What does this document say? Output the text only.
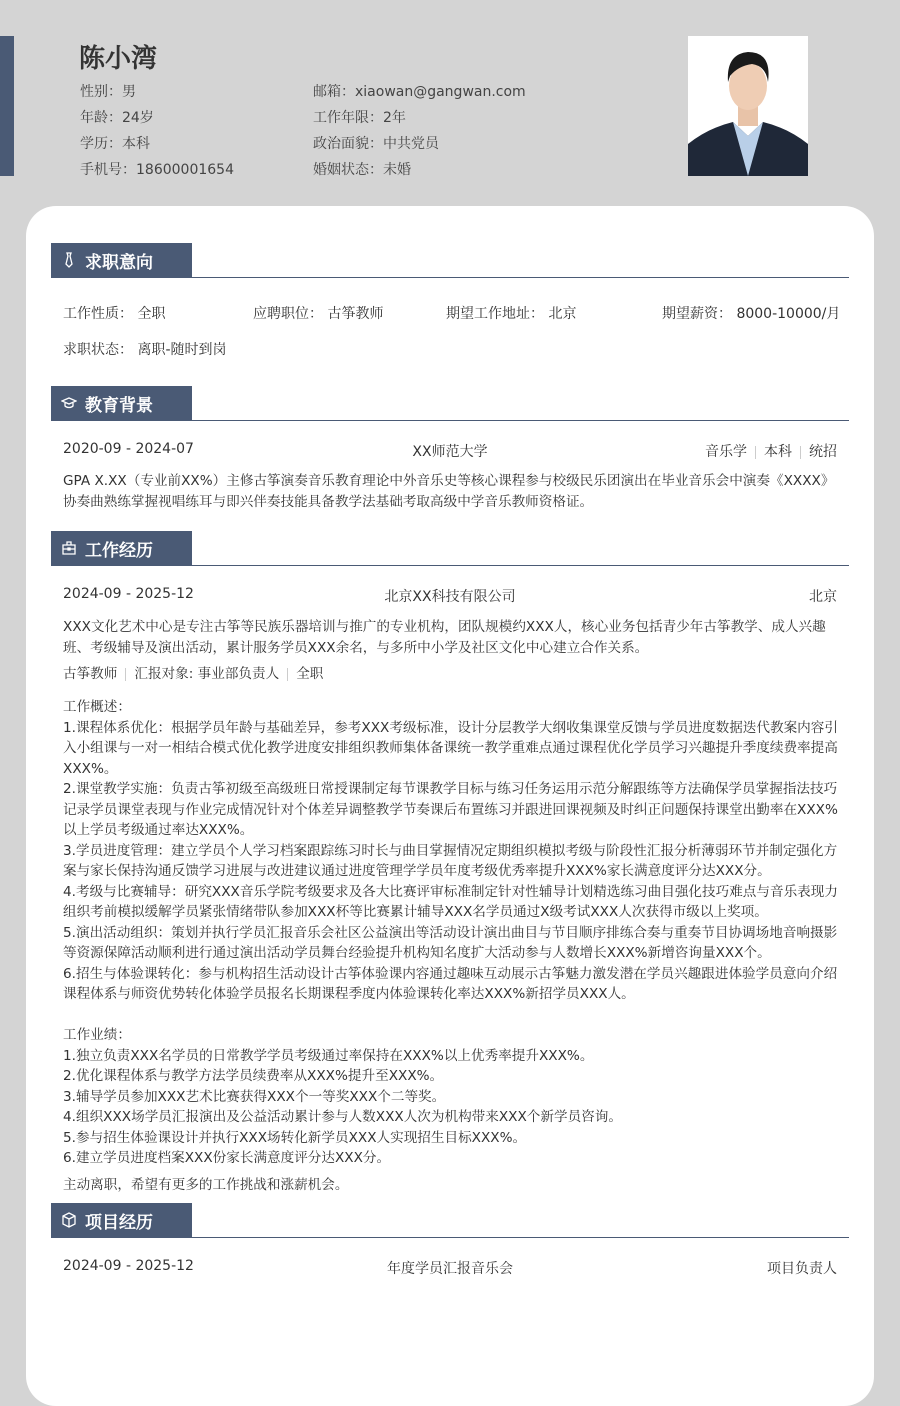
陈小湾
性别：男
年龄：24岁
学历：本科
手机号：18600001654
邮箱：xiaowan@gangwan.com
工作年限：2年
政治面貌：中共党员
婚姻状态：未婚
求职意向
工作性质： 全职	应聘职位： 古筝教师	期望工作地址： 北京	期望薪资： 8000-10000/月
求职状态： 离职-随时到岗
教育背景
2020-09 - 2024-07	XX师范大学	音乐学 本科 统招
GPA X.XX（专业前XX%）主修古筝演奏音乐教育理论中外音乐史等核心课程参与校级民乐团演出在毕业音乐会中演奏《XXXX》协奏曲熟练掌握视唱练耳与即兴伴奏技能具备教学法基础考取高级中学音乐教师资格证。
工作经历
2024-09 - 2025-12	北京XX科技有限公司	北京
XXX文化艺术中心是专注古筝等民族乐器培训与推广的专业机构，团队规模约XXX人，核心业务包括青少年古筝教学、成人兴趣班、考级辅导及演出活动，累计服务学员XXX余名，与多所中小学及社区文化中心建立合作关系。
古筝教师 汇报对象: 事业部负责人 全职
工作概述：
1.课程体系优化：根据学员年龄与基础差异，参考XXX考级标准，设计分层教学大纲收集课堂反馈与学员进度数据迭代教案内容引入小组课与一对一相结合模式优化教学进度安排组织教师集体备课统一教学重难点通过课程优化学员学习兴趣提升季度续费率提高XXX%。
2.课堂教学实施：负责古筝初级至高级班日常授课制定每节课教学目标与练习任务运用示范分解跟练等方法确保学员掌握指法技巧记录学员课堂表现与作业完成情况针对个体差异调整教学节奏课后布置练习并跟进回课视频及时纠正问题保持课堂出勤率在XXX%以上学员考级通过率达XXX%。
3.学员进度管理：建立学员个人学习档案跟踪练习时长与曲目掌握情况定期组织模拟考级与阶段性汇报分析薄弱环节并制定强化方案与家长保持沟通反馈学习进展与改进建议通过进度管理学学员年度考级优秀率提升XXX%家长满意度评分达XXX分。
4.考级与比赛辅导：研究XXX音乐学院考级要求及各大比赛评审标准制定针对性辅导计划精选练习曲目强化技巧难点与音乐表现力组织考前模拟缓解学员紧张情绪带队参加XXX杯等比赛累计辅导XXX名学员通过X级考试XXX人次获得市级以上奖项。
5.演出活动组织：策划并执行学员汇报音乐会社区公益演出等活动设计演出曲目与节目顺序排练合奏与重奏节目协调场地音响摄影等资源保障活动顺利进行通过演出活动学员舞台经验提升机构知名度扩大活动参与人数增长XXX%新增咨询量XXX个。
6.招生与体验课转化：参与机构招生活动设计古筝体验课内容通过趣味互动展示古筝魅力激发潜在学员兴趣跟进体验学员意向介绍课程体系与师资优势转化体验学员报名长期课程季度内体验课转化率达XXX%新招学员XXX人。
工作业绩：
1.独立负责XXX名学员的日常教学学员考级通过率保持在XXX%以上优秀率提升XXX%。
2.优化课程体系与教学方法学员续费率从XXX%提升至XXX%。
3.辅导学员参加XXX艺术比赛获得XXX个一等奖XXX个二等奖。
4.组织XXX场学员汇报演出及公益活动累计参与人数XXX人次为机构带来XXX个新学员咨询。
5.参与招生体验课设计并执行XXX场转化新学员XXX人实现招生目标XXX%。
6.建立学员进度档案XXX份家长满意度评分达XXX分。
主动离职，希望有更多的工作挑战和涨薪机会。
项目经历
2024-09 - 2025-12	年度学员汇报音乐会	项目负责人
